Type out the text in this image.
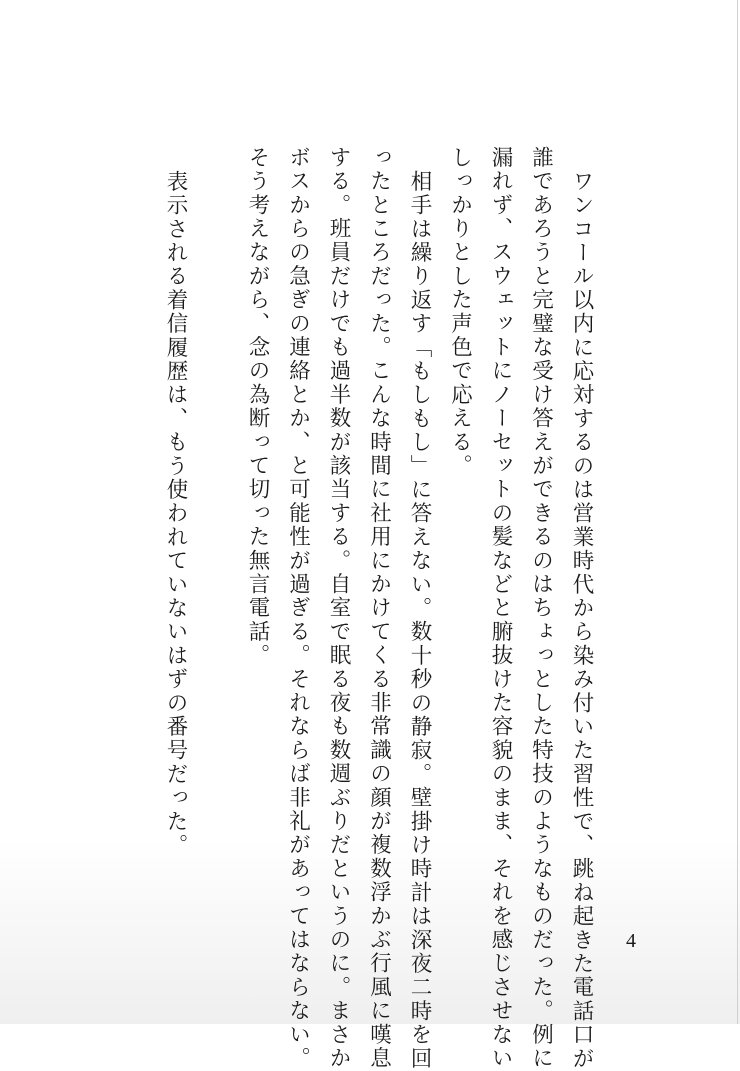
ワンコール以内に応対するのは営業時代から染み付いた習性で、跳ね起きた電話口が
誰であろうと完璧な受け答えができるのはちょっとした特技のようなものだった。例に
漏れず、スウェットにノーセットの髪などと腑抜けた容貌のまま、それを感じさせない
しっかりとした声色で応える。
相手は繰り返す「もしもし」に答えない。数十秒の静寂。壁掛け時計は深夜二時を回
ったところだった。こんな時間に社用にかけてくる非常識の顔が複数浮かぶ行風に嘆息
する。班員だけでも過半数が該当する。自室で眠る夜も数週ぶりだというのに。まさか
ボスからの急ぎの連絡とか、と可能性が過ぎる。それならば非礼があってはならない。
そう考えながら、念の為断って切った無言電話。
表示される着信履歴は、もう使われていないはずの番号だった。
4
